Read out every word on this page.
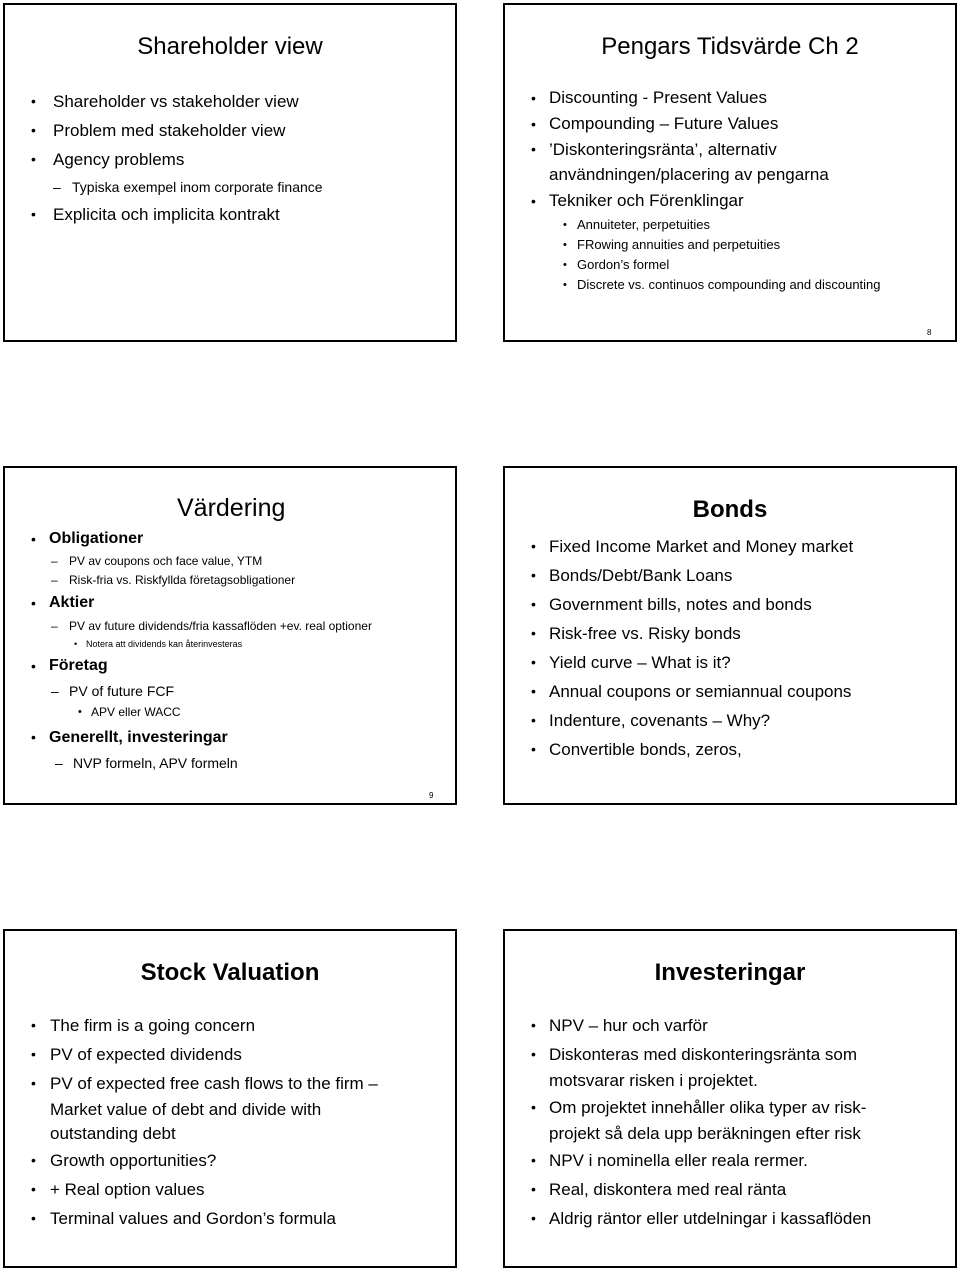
Shareholder view
• Shareholder vs stakeholder view
• Problem med stakeholder view
• Agency problems
– Typiska exempel inom corporate finance
• Explicita och implicita kontrakt
Pengars Tidsvärde Ch 2
• Discounting - Present Values
• Compounding – Future Values
• ’Diskonteringsränta’, alternativ
användningen/placering av pengarna
• Tekniker och Förenklingar
• Annuiteter, perpetuities
• FRowing annuities and perpetuities
• Gordon’s formel
• Discrete vs. continuos compounding and discounting
8
Värdering
• Obligationer
– PV av coupons och face value, YTM
– Risk-fria vs. Riskfyllda företagsobligationer
• Aktier
– PV av future dividends/fria kassaflöden +ev. real optioner
• Notera att dividends kan återinvesteras
• Företag
– PV of future FCF
• APV eller WACC
• Generellt, investeringar
– NVP formeln, APV formeln
9
Bonds
• Fixed Income Market and Money market
• Bonds/Debt/Bank Loans
• Government bills, notes and bonds
• Risk-free vs. Risky bonds
• Yield curve – What is it?
• Annual coupons or semiannual coupons
• Indenture, covenants – Why?
• Convertible bonds, zeros,
Stock Valuation
• The firm is a going concern
• PV of expected dividends
• PV of expected free cash flows to the firm –
Market value of debt and divide with
outstanding debt
• Growth opportunities?
• + Real option values
• Terminal values and Gordon’s formula
Investeringar
• NPV – hur och varför
• Diskonteras med diskonteringsränta som
motsvarar risken i projektet.
• Om projektet innehåller olika typer av risk-
projekt så dela upp beräkningen efter risk
• NPV i nominella eller reala rermer.
• Real, diskontera med real ränta
• Aldrig räntor eller utdelningar i kassaflöden
